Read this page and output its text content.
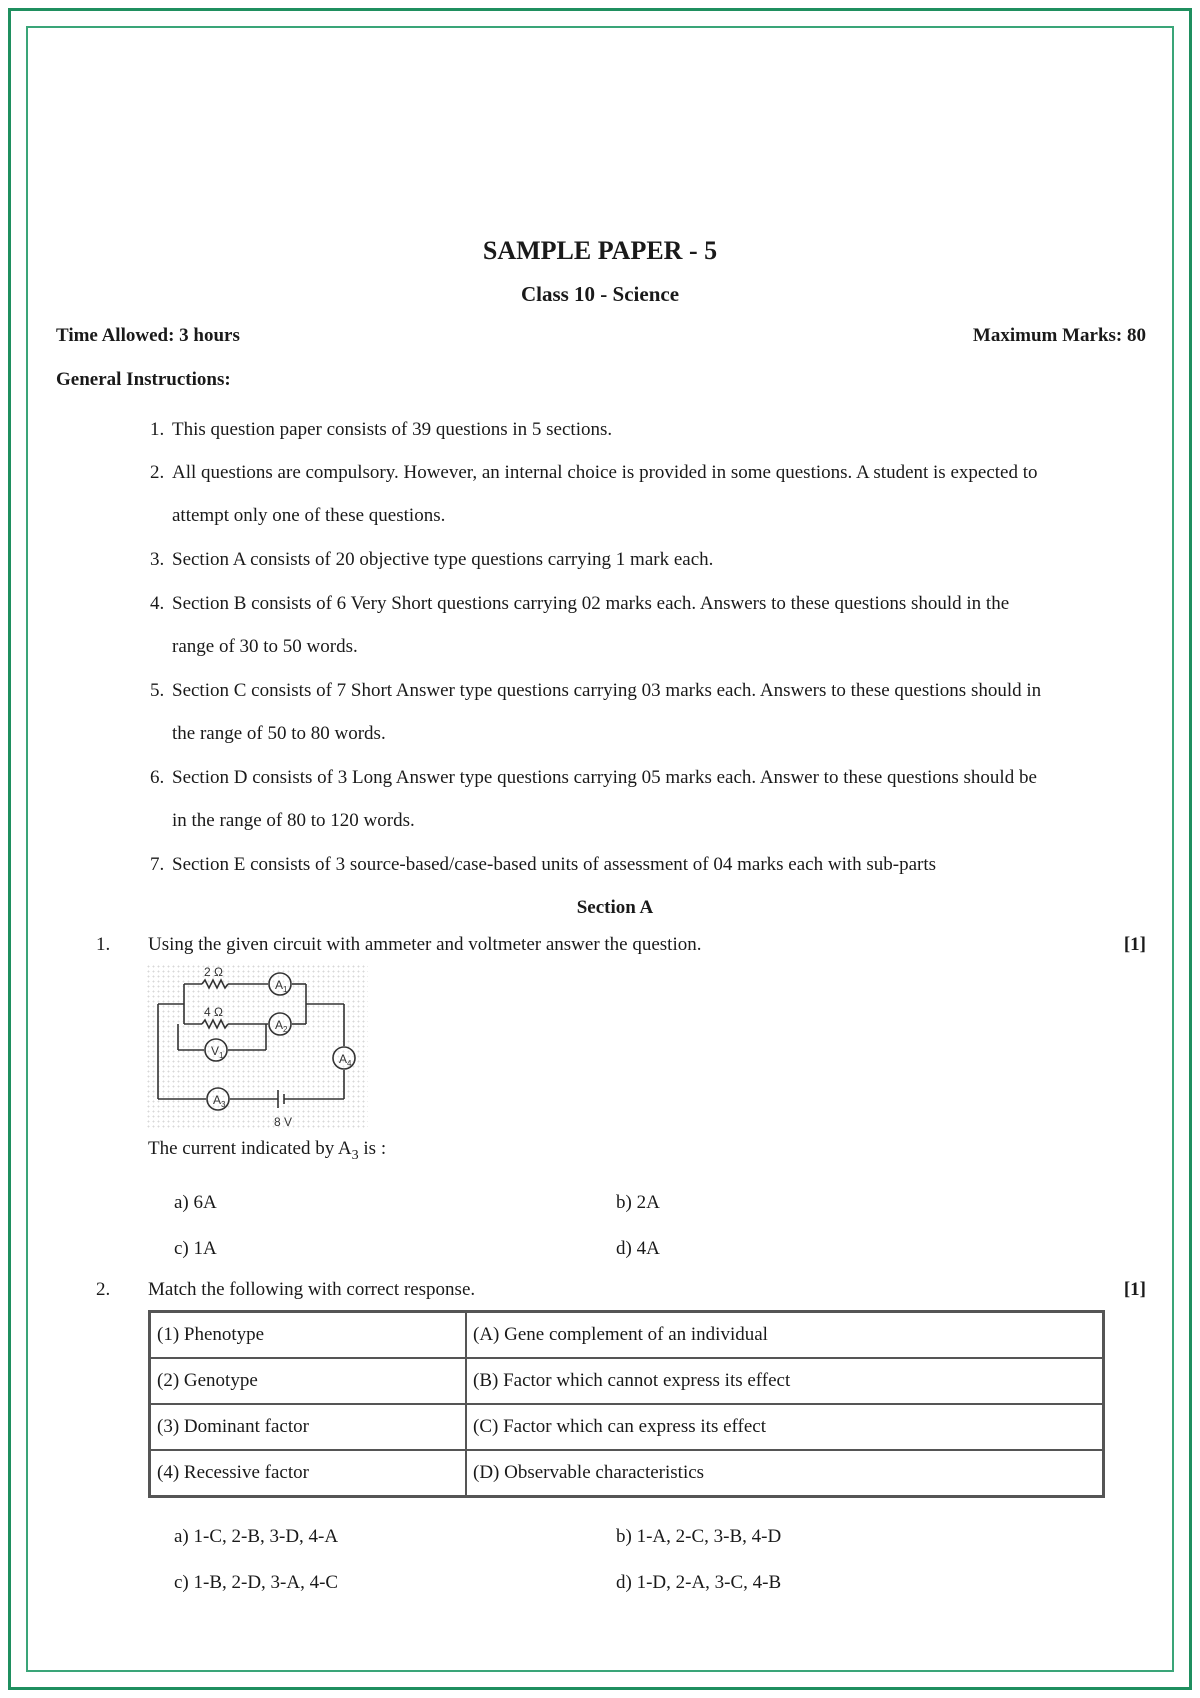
SAMPLE PAPER - 5
Class 10 - Science
Time Allowed: 3 hours	Maximum Marks: 80
General Instructions:
1. This question paper consists of 39 questions in 5 sections.
2. All questions are compulsory. However, an internal choice is provided in some questions. A student is expected to
attempt only one of these questions.
3. Section A consists of 20 objective type questions carrying 1 mark each.
4. Section B consists of 6 Very Short questions carrying 02 marks each. Answers to these questions should in the
range of 30 to 50 words.
5. Section C consists of 7 Short Answer type questions carrying 03 marks each. Answers to these questions should in
the range of 50 to 80 words.
6. Section D consists of 3 Long Answer type questions carrying 05 marks each. Answer to these questions should be
in the range of 80 to 120 words.
7. Section E consists of 3 source-based/case-based units of assessment of 04 marks each with sub-parts
Section A
1. Using the given circuit with ammeter and voltmeter answer the question.	[1]
2 Ω
4 Ω
8 V
$A_1$
$A_2$
$V_1$	$A_4$
$A_3$
The current indicated by $A_3$ is :
a) 6A	b) 2A
c) 1A	d) 4A
2. Match the following with correct response.	[1]
(1) Phenotype	(A) Gene complement of an individual
(2) Genotype	(B) Factor which cannot express its effect
(3) Dominant factor	(C) Factor which can express its effect
(4) Recessive factor	(D) Observable characteristics
a) 1-C, 2-B, 3-D, 4-A	b) 1-A, 2-C, 3-B, 4-D
c) 1-B, 2-D, 3-A, 4-C	d) 1-D, 2-A, 3-C, 4-B
